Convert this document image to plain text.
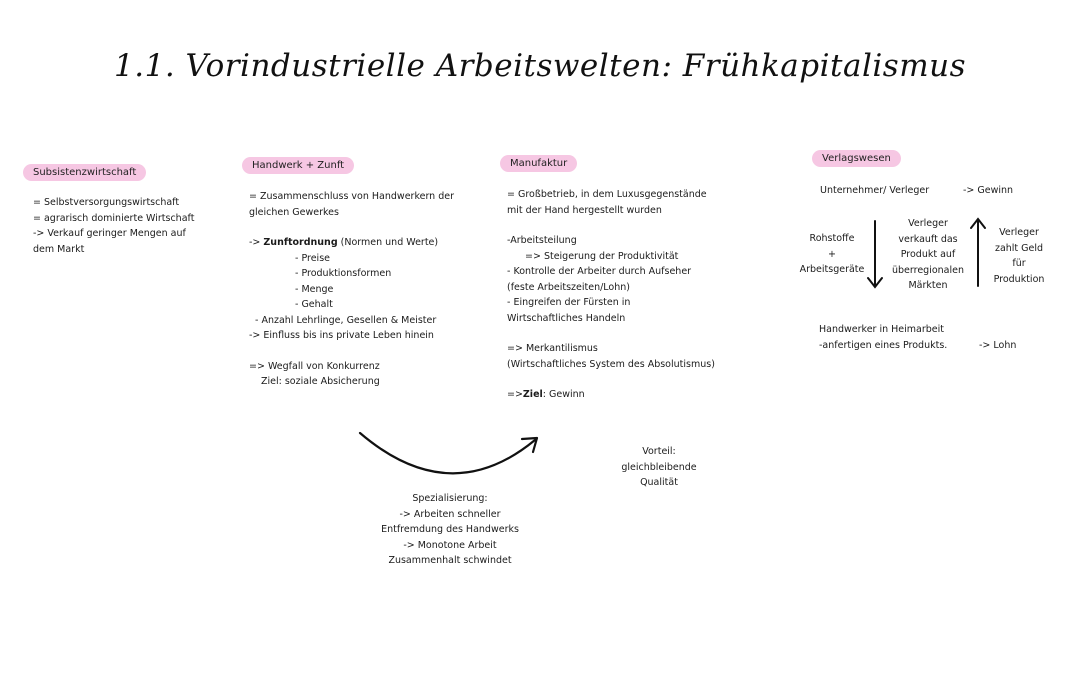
1.1. Vorindustrielle Arbeitswelten: Frühkapitalismus
Subsistenzwirtschaft
= Selbstversorgungswirtschaft
= agrarisch dominierte Wirtschaft
-> Verkauf geringer Mengen auf
dem Markt
Handwerk + Zunft
= Zusammenschluss von Handwerkern der
gleichen Gewerkes
-> Zunftordnung (Normen und Werte)
- Preise
- Produktionsformen
- Menge
- Gehalt
- Anzahl Lehrlinge, Gesellen & Meister
-> Einfluss bis ins private Leben hinein
=> Wegfall von Konkurrenz
Ziel: soziale Absicherung
Manufaktur
= Großbetrieb, in dem Luxusgegenstände
mit der Hand hergestellt wurden
-Arbeitsteilung
=> Steigerung der Produktivität
- Kontrolle der Arbeiter durch Aufseher
(feste Arbeitszeiten/Lohn)
- Eingreifen der Fürsten in
Wirtschaftliches Handeln
=> Merkantilismus
(Wirtschaftliches System des Absolutismus)
=>Ziel: Gewinn
Verlagswesen
Unternehmer/ Verleger	-> Gewinn
Rohstoffe
+
Arbeitsgeräte
Verleger
verkauft das
Produkt auf
überregionalen
Märkten
Verleger
zahlt Geld
für
Produktion
Handwerker in Heimarbeit
-anfertigen eines Produkts.	-> Lohn
Spezialisierung:
-> Arbeiten schneller
Entfremdung des Handwerks
-> Monotone Arbeit
Zusammenhalt schwindet
Vorteil:
gleichbleibende
Qualität
